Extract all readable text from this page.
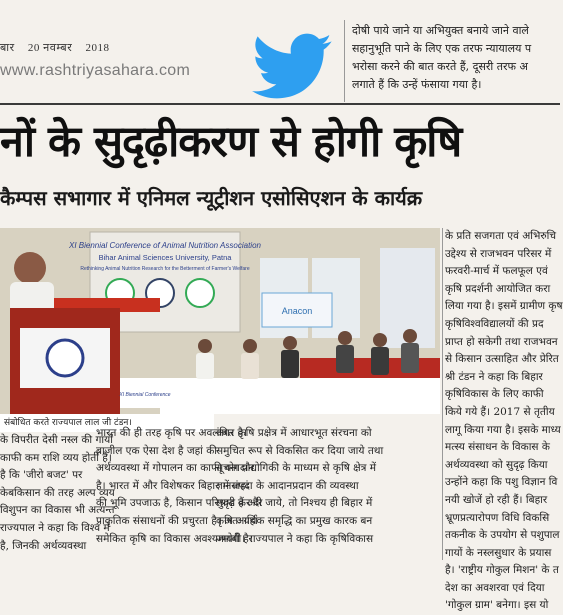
बार 20 नवम्बर 2018
www.rashtriyasahara.com

दोषी पाये जाने या अभियुक्त बनाये जाने वाले

सहानुभूति पाने के लिए एक तरफ न्यायालय प

भरोसा करने की बात करते हैं, दूसरी तरफ अ

लगाते हैं कि उन्हें फंसाया गया है।

नों के सुदृढ़ीकरण से होगी कृषि
कैम्पस सभागार में एनिमल न्यूट्रीशन एसोसिएशन के कार्यक्र
XI Biennial Conference of Animal Nutrition Association
Bihar Animal Sciences University, Patna
Rethinking Animal Nutrition Research for the Betterment of Farmer's Welfare
Anacon
XI Biennial Conference
संबोधित करते राज्यपाल लाल जी टंडन।

के विपरीत देसी नस्ल की गायों

काफी कम राशि व्यय होती है।

है कि 'जीरो बजट' पर

केबकिसान की तरह अल्प व्यय

विशुपन का विकास भी अत्यन्त

राज्यपाल ने कहा कि विश्व में

है, जिनकी अर्थव्यवस्था

भारत की ही तरह कृषि पर अवलंबित है।

ब्राजील एक ऐसा देश है जहां की

अर्थव्यवस्था में गोपालन का काफी योगदान

है। भारत में और विशेषकर बिहार में जहां

की भूमि उपजाऊ है, किसान परिश्रमी हैं और

प्राकृतिक संसाधनों की प्रचुरता है। अतः यहां

समेकित कृषि का विकास अवश्यम्भावी है।

अगर कृषि प्रक्षेत्र में आधारभूत संरचना को

समुचित रूप से विकसित कर दिया जाये तथा

सूचना प्रौद्योगिकी के माध्यम से कृषि क्षेत्र में

ज्ञानसंपदा के आदानप्रदान की व्यवस्था

सुदृढ़ कर दी जाये, तो निश्चय ही बिहार में

कृषि आर्थिक समृद्धि का प्रमुख कारक बन

जायेगी। राज्यपाल ने कहा कि कृषिविकास

के प्रति सजगता एवं अभिरुचि

उद्देश्य से राजभवन परिसर में

फरवरी-मार्च में फलफूल एवं

कृषि प्रदर्शनी आयोजित करा

लिया गया है। इसमें ग्रामीण कृष

कृषिविश्वविद्यालयों की प्रद

प्राप्त हो सकेगी तथा राजभवन

से किसान उत्साहित और प्रेरित

श्री टंडन ने कहा कि बिहार

कृषिविकास के लिए काफी

किये गये हैं। 2017 से तृतीय

लागू किया गया है। इसके माध्य

मत्स्य संसाधन के विकास के

अर्थव्यवस्था को सुदृढ़ किया

उन्होंने कहा कि पशु विज्ञान वि

नयी खोजें हो रही हैं। बिहार

भ्रूणप्रत्यारोपण विधि विकसि

तकनीक के उपयोग से पशुपाल

गायों के नस्लसुधार के प्रयास

है। 'राष्ट्रीय गोकुल मिशन' के त

देश का अवशरवा एवं दिया

'गोकुल ग्राम' बनेगा। इस यो
